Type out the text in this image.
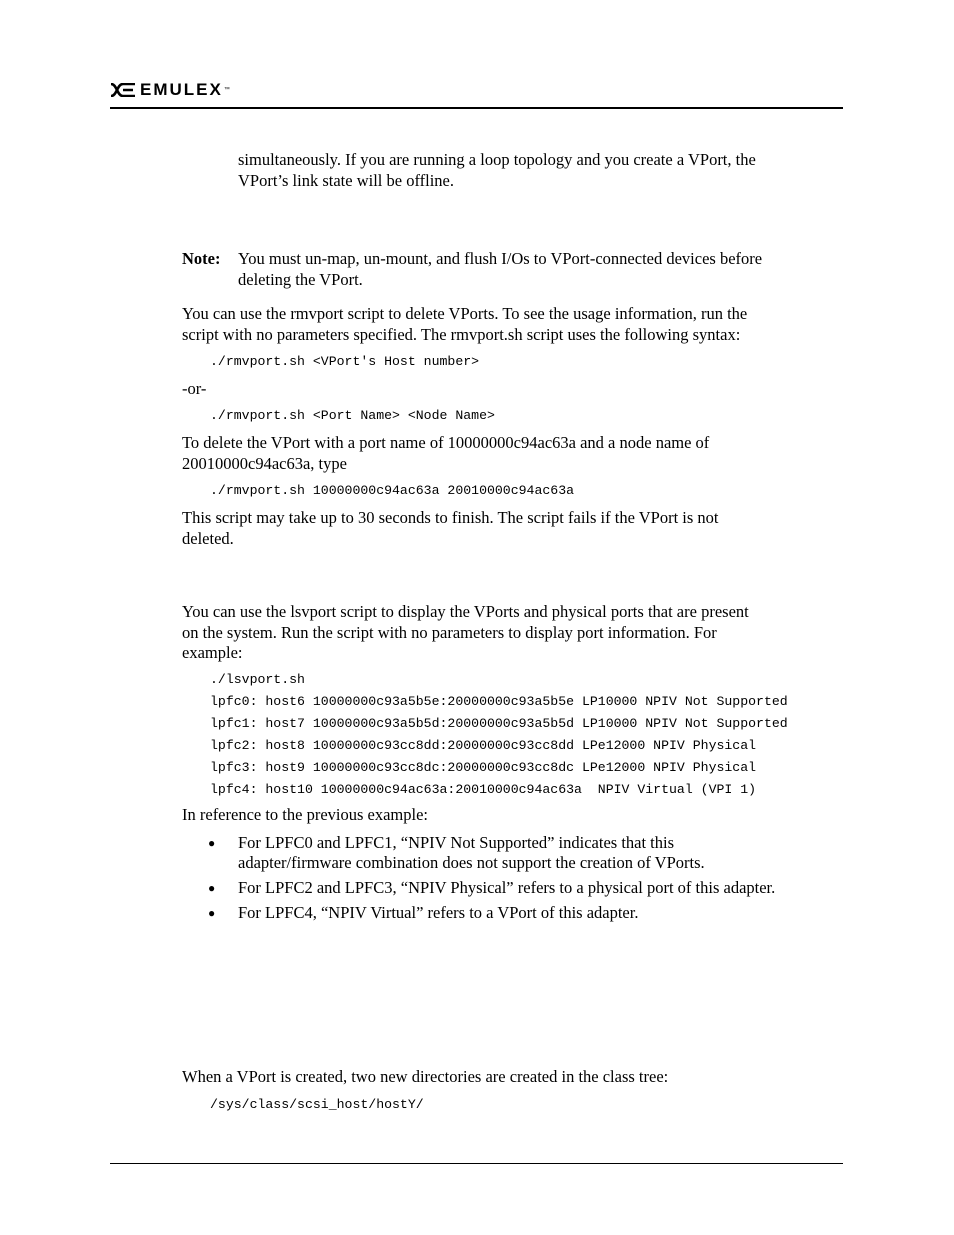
EMULEX ™
simultaneously. If you are running a loop topology and you create a VPort, the
VPort’s link state will be offline.
Note: You must un-map, un-mount, and flush I/Os to VPort-connected devices before
deleting the VPort.
You can use the rmvport script to delete VPorts. To see the usage information, run the
script with no parameters specified. The rmvport.sh script uses the following syntax:
./rmvport.sh <VPort's Host number>
-or-
./rmvport.sh <Port Name> <Node Name>
To delete the VPort with a port name of 10000000c94ac63a and a node name of
20010000c94ac63a, type
./rmvport.sh 10000000c94ac63a 20010000c94ac63a
This script may take up to 30 seconds to finish. The script fails if the VPort is not
deleted.
You can use the lsvport script to display the VPorts and physical ports that are present
on the system. Run the script with no parameters to display port information. For
example:
./lsvport.sh
lpfc0: host6 10000000c93a5b5e:20000000c93a5b5e LP10000 NPIV Not Supported
lpfc1: host7 10000000c93a5b5d:20000000c93a5b5d LP10000 NPIV Not Supported
lpfc2: host8 10000000c93cc8dd:20000000c93cc8dd LPe12000 NPIV Physical
lpfc3: host9 10000000c93cc8dc:20000000c93cc8dc LPe12000 NPIV Physical
lpfc4: host10 10000000c94ac63a:20010000c94ac63a  NPIV Virtual (VPI 1)
In reference to the previous example:
● For LPFC0 and LPFC1, “NPIV Not Supported” indicates that this
adapter/firmware combination does not support the creation of VPorts.
● For LPFC2 and LPFC3, “NPIV Physical” refers to a physical port of this adapter.
● For LPFC4, “NPIV Virtual” refers to a VPort of this adapter.
When a VPort is created, two new directories are created in the class tree:
/sys/class/scsi_host/hostY/
